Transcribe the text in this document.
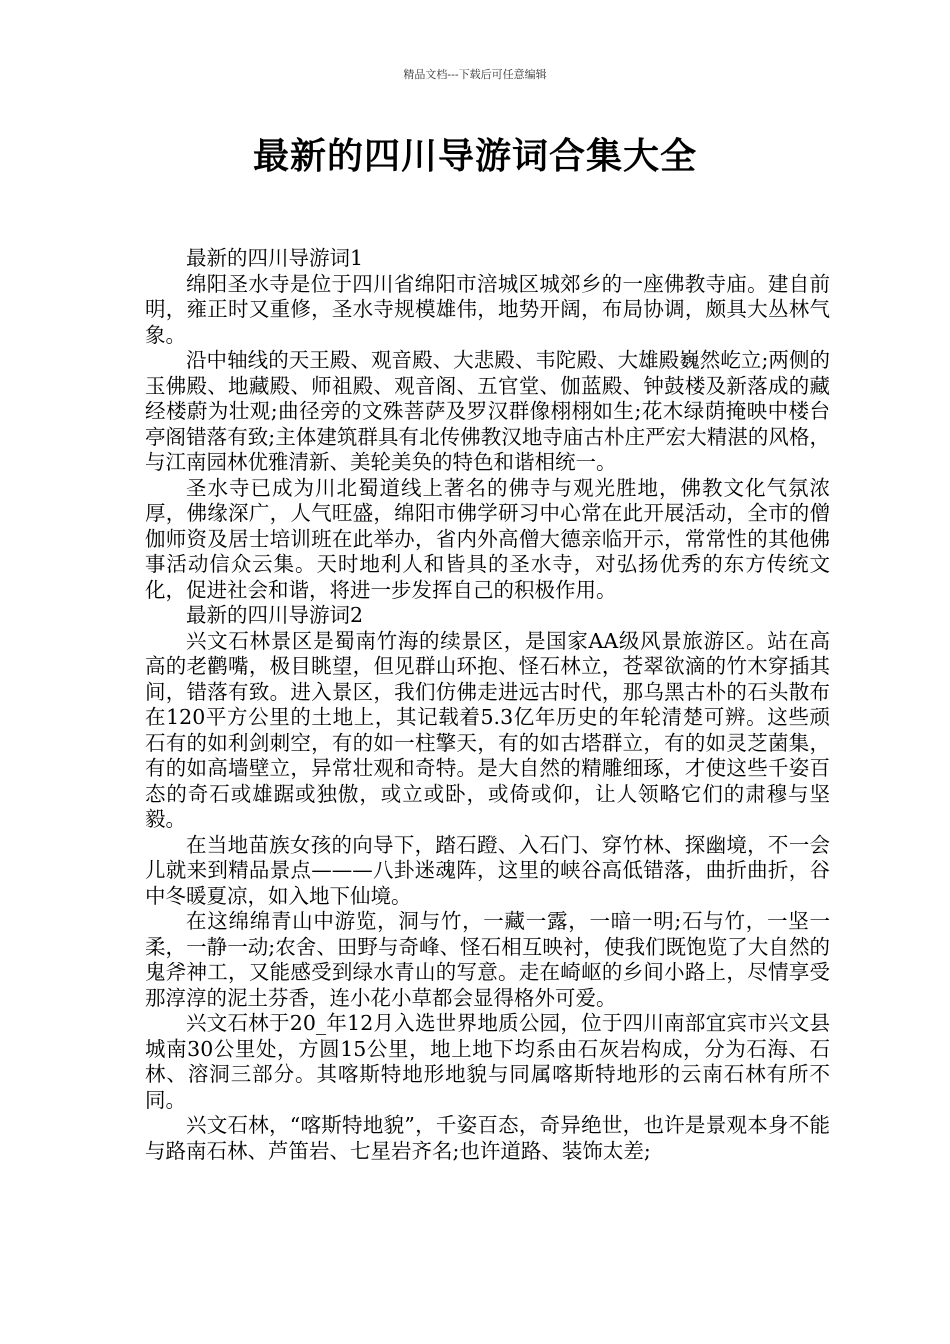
精品文档---下载后可任意编辑
最新的四川导游词合集大全

最新的四川导游词1

绵阳圣水寺是位于四川省绵阳市涪城区城郊乡的一座佛教寺庙。建自前明，雍正时又重修，圣水寺规模雄伟，地势开阔，布局协调，颇具大丛林气象。

沿中轴线的天王殿、观音殿、大悲殿、韦陀殿、大雄殿巍然屹立;两侧的玉佛殿、地藏殿、师祖殿、观音阁、五官堂、伽蓝殿、钟鼓楼及新落成的藏经楼蔚为壮观;曲径旁的文殊菩萨及罗汉群像栩栩如生;花木绿荫掩映中楼台亭阁错落有致;主体建筑群具有北传佛教汉地寺庙古朴庄严宏大精湛的风格，与江南园林优雅清新、美轮美奂的特色和谐相统一。

圣水寺已成为川北蜀道线上著名的佛寺与观光胜地，佛教文化气氛浓厚，佛缘深广，人气旺盛，绵阳市佛学研习中心常在此开展活动，全市的僧伽师资及居士培训班在此举办，省内外高僧大德亲临开示，常常性的其他佛事活动信众云集。天时地利人和皆具的圣水寺，对弘扬优秀的东方传统文化，促进社会和谐，将进一步发挥自己的积极作用。

最新的四川导游词2

兴文石林景区是蜀南竹海的续景区，是国家AA级风景旅游区。站在高高的老鹳嘴，极目眺望，但见群山环抱、怪石林立，苍翠欲滴的竹木穿插其间，错落有致。进入景区，我们仿佛走进远古时代，那乌黑古朴的石头散布在120平方公里的土地上，其记载着5.3亿年历史的年轮清楚可辨。这些顽石有的如利剑刺空，有的如一柱擎天，有的如古塔群立，有的如灵芝菌集，有的如高墙壁立，异常壮观和奇特。是大自然的精雕细琢，才使这些千姿百态的奇石或雄踞或独傲，或立或卧，或倚或仰，让人领略它们的肃穆与坚毅。

在当地苗族女孩的向导下，踏石蹬、入石门、穿竹林、探幽境，不一会儿就来到精品景点———八卦迷魂阵，这里的峡谷高低错落，曲折曲折，谷中冬暖夏凉，如入地下仙境。

在这绵绵青山中游览，洞与竹，一藏一露，一暗一明;石与竹，一坚一柔，一静一动;农舍、田野与奇峰、怪石相互映衬，使我们既饱览了大自然的鬼斧神工，又能感受到绿水青山的写意。走在崎岖的乡间小路上，尽情享受那淳淳的泥土芬香，连小花小草都会显得格外可爱。

兴文石林于20_年12月入选世界地质公园，位于四川南部宜宾市兴文县城南30公里处，方圆15公里，地上地下均系由石灰岩构成，分为石海、石林、溶洞三部分。其喀斯特地形地貌与同属喀斯特地形的云南石林有所不同。

兴文石林，“喀斯特地貌”，千姿百态，奇异绝世，也许是景观本身不能与路南石林、芦笛岩、七星岩齐名;也许道路、装饰太差;
